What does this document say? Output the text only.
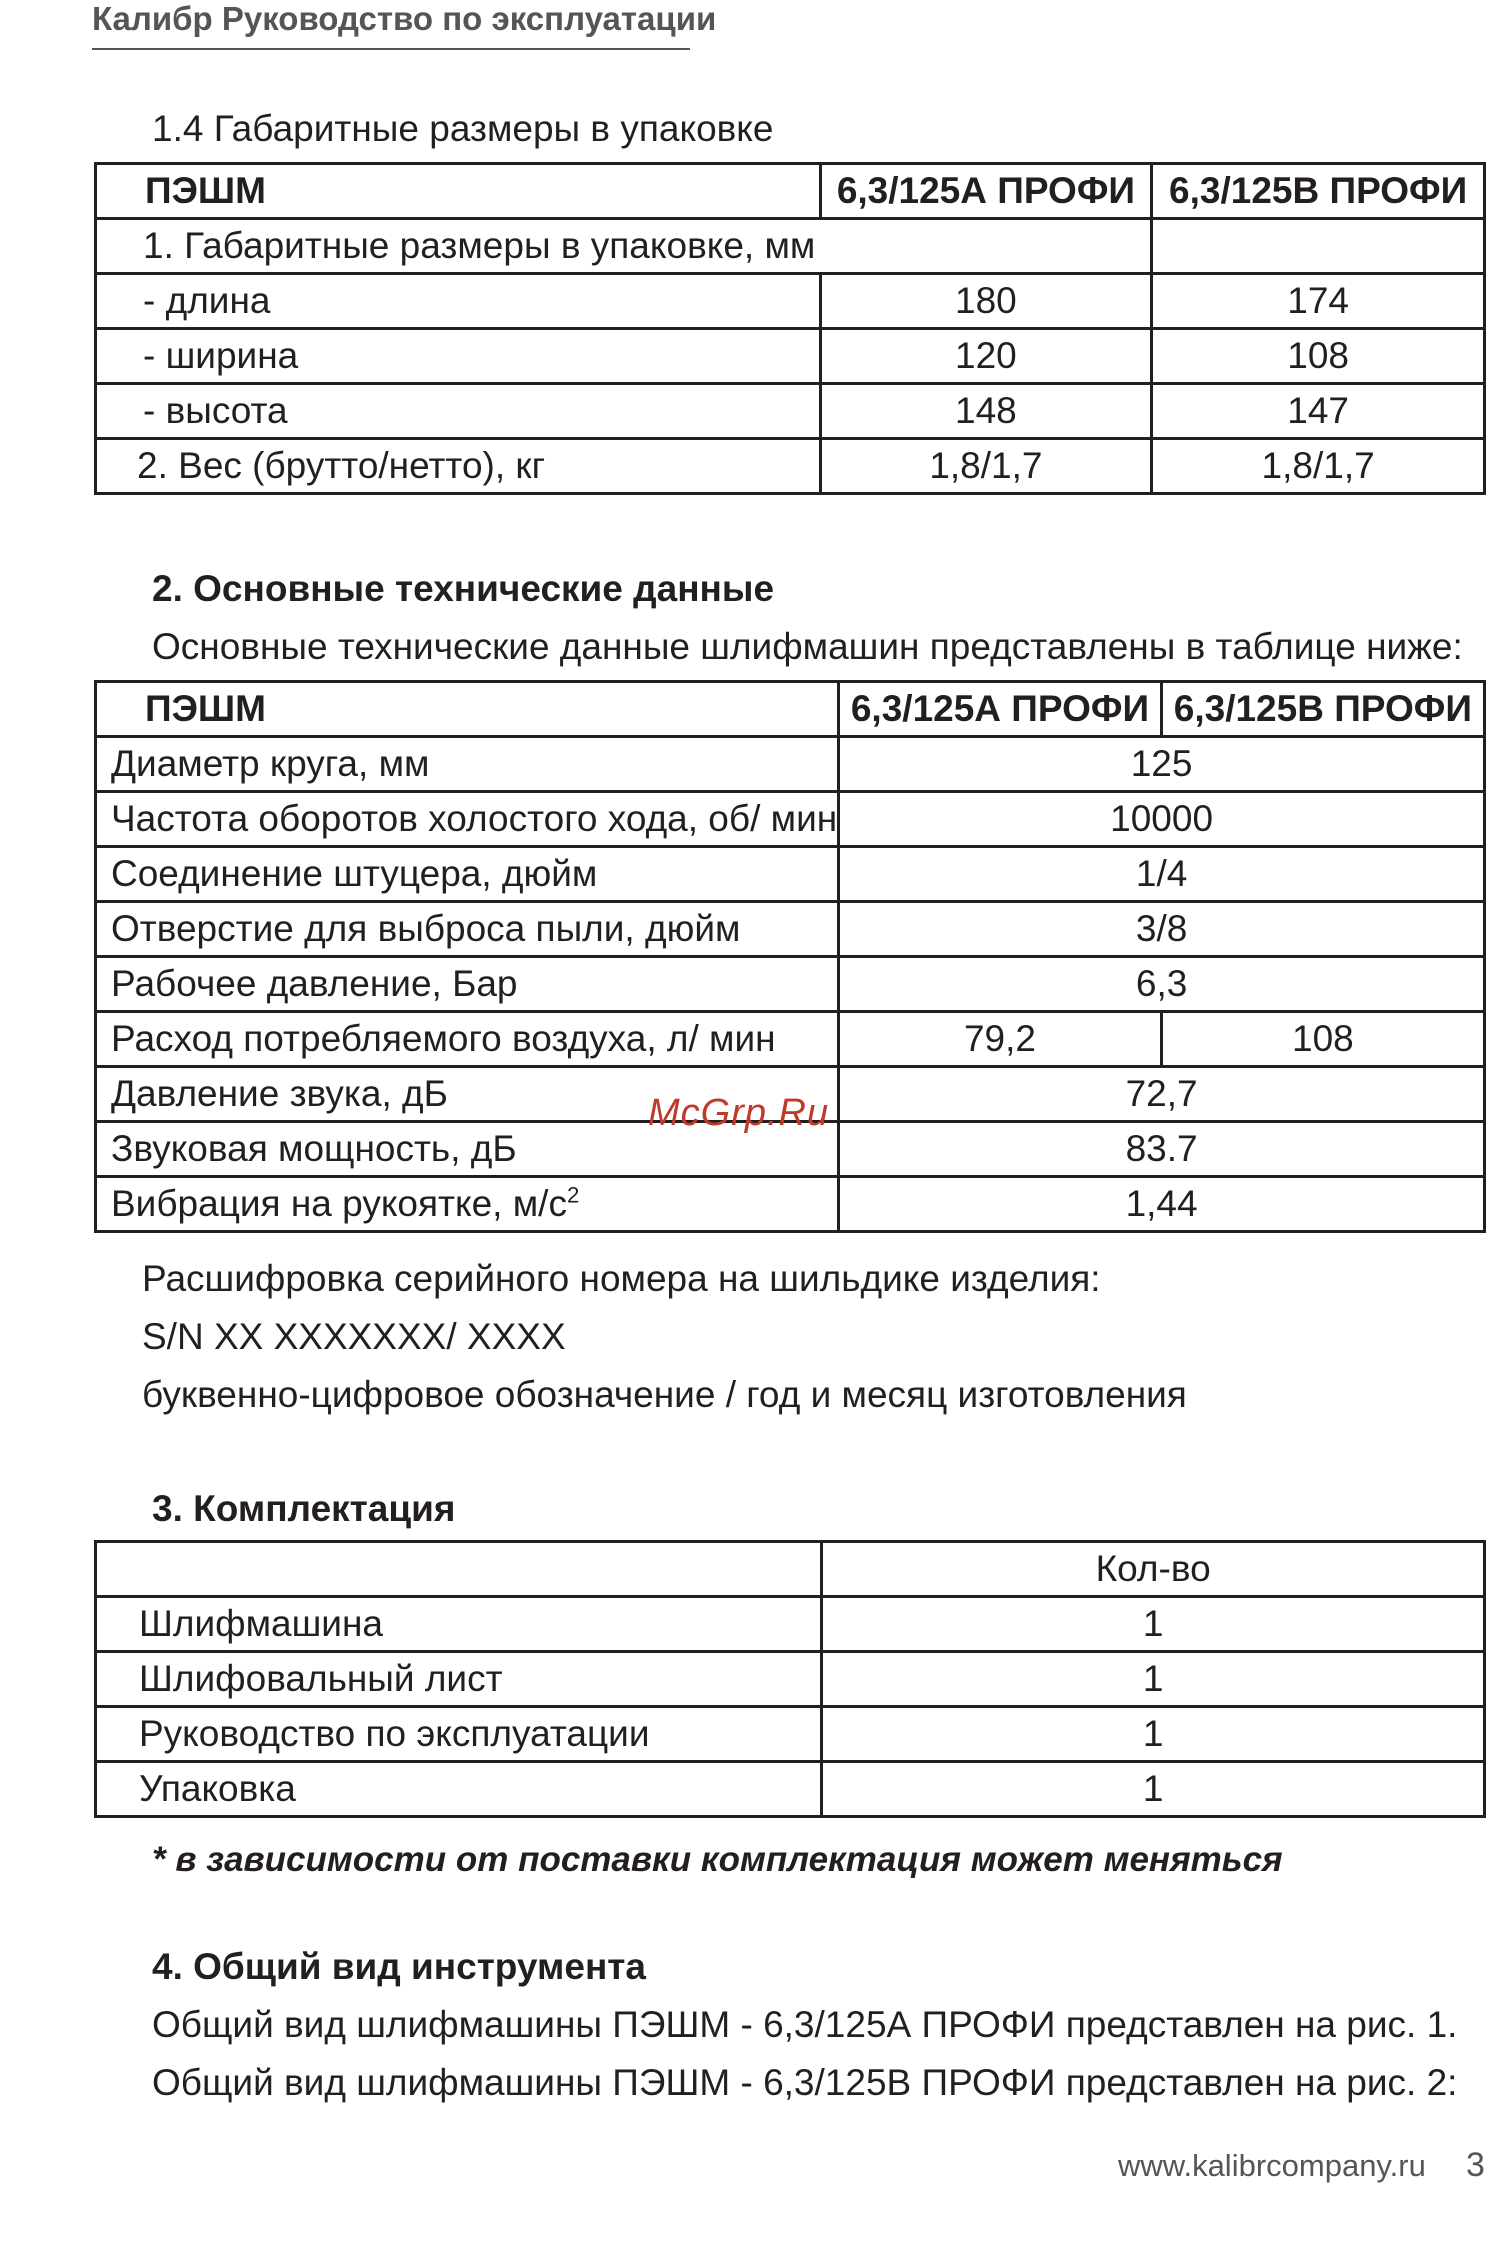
Калибр Руководство по эксплуатации
1.4 Габаритные размеры в упаковке
ПЭШМ	6,3/125А ПРОФИ	6,3/125В ПРОФИ
1. Габаритные размеры в упаковке, мм		
- длина	180	174
- ширина	120	108
- высота	148	147
2. Вес (брутто/нетто), кг	1,8/1,7	1,8/1,7
2. Основные технические данные
Основные технические данные шлифмашин представлены в таблице ниже:
ПЭШМ	6,3/125А ПРОФИ	6,3/125В ПРОФИ
Диаметр круга, мм	125	
Частота оборотов холостого хода, об/ мин	10000	
Соединение штуцера, дюйм	1/4	
Отверстие для выброса пыли, дюйм	3/8	
Рабочее давление, Бар	6,3	
Расход потребляемого воздуха, л/ мин	79,2	108
Давление звука, дБ	72,7	
Звуковая мощность, дБ	83.7	
Вибрация на рукоятке, $м/с^2$	1,44	
Расшифровка серийного номера на шильдике изделия:
S/N XX XXXXXXX/ XXXX
буквенно-цифровое обозначение / год и месяц изготовления
3. Комплектация
	Кол-во
Шлифмашина	1
Шлифовальный лист	1
Руководство по эксплуатации	1
Упаковка	1
* в зависимости от поставки комплектация может меняться
4. Общий вид инструмента
Общий вид шлифмашины ПЭШМ - 6,3/125А ПРОФИ представлен на рис. 1.
Общий вид шлифмашины ПЭШМ - 6,3/125В ПРОФИ представлен на рис. 2:
McGrp.Ru
www.kalibrcompany.ru 3
